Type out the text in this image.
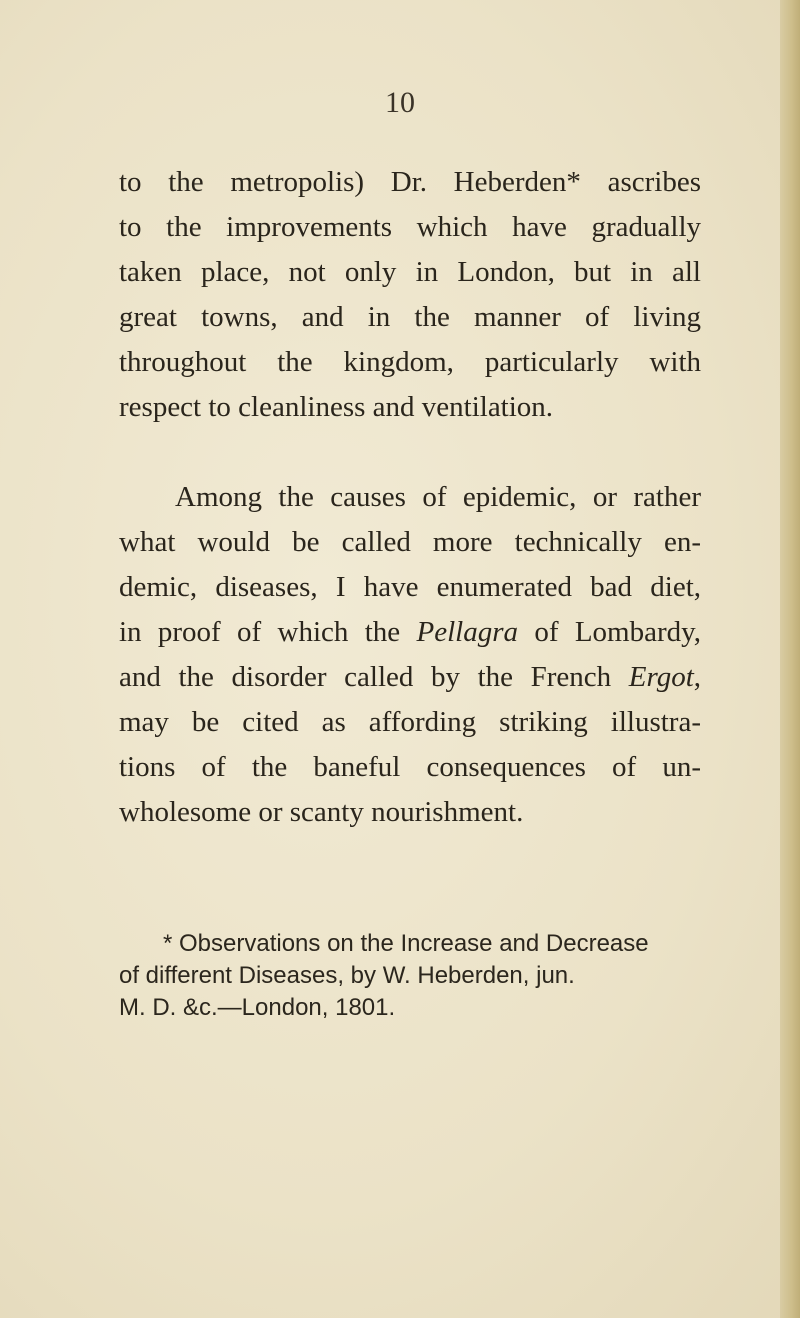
10

to the metropolis) Dr. Heberden* ascribes
to the improvements which have gradually
taken place, not only in London, but in all
great towns, and in the manner of living
throughout the kingdom, particularly with
respect to cleanliness and ventilation.

Among the causes of epidemic, or rather
what would be called more technically en-
demic, diseases, I have enumerated bad diet,
in proof of which the Pellagra of Lombardy,
and the disorder called by the French Ergot,
may be cited as affording striking illustra-
tions of the baneful consequences of un-
wholesome or scanty nourishment.

* Observations on the Increase and Decrease
of different Diseases, by W. Heberden, jun.
M. D. &c.—London, 1801.
